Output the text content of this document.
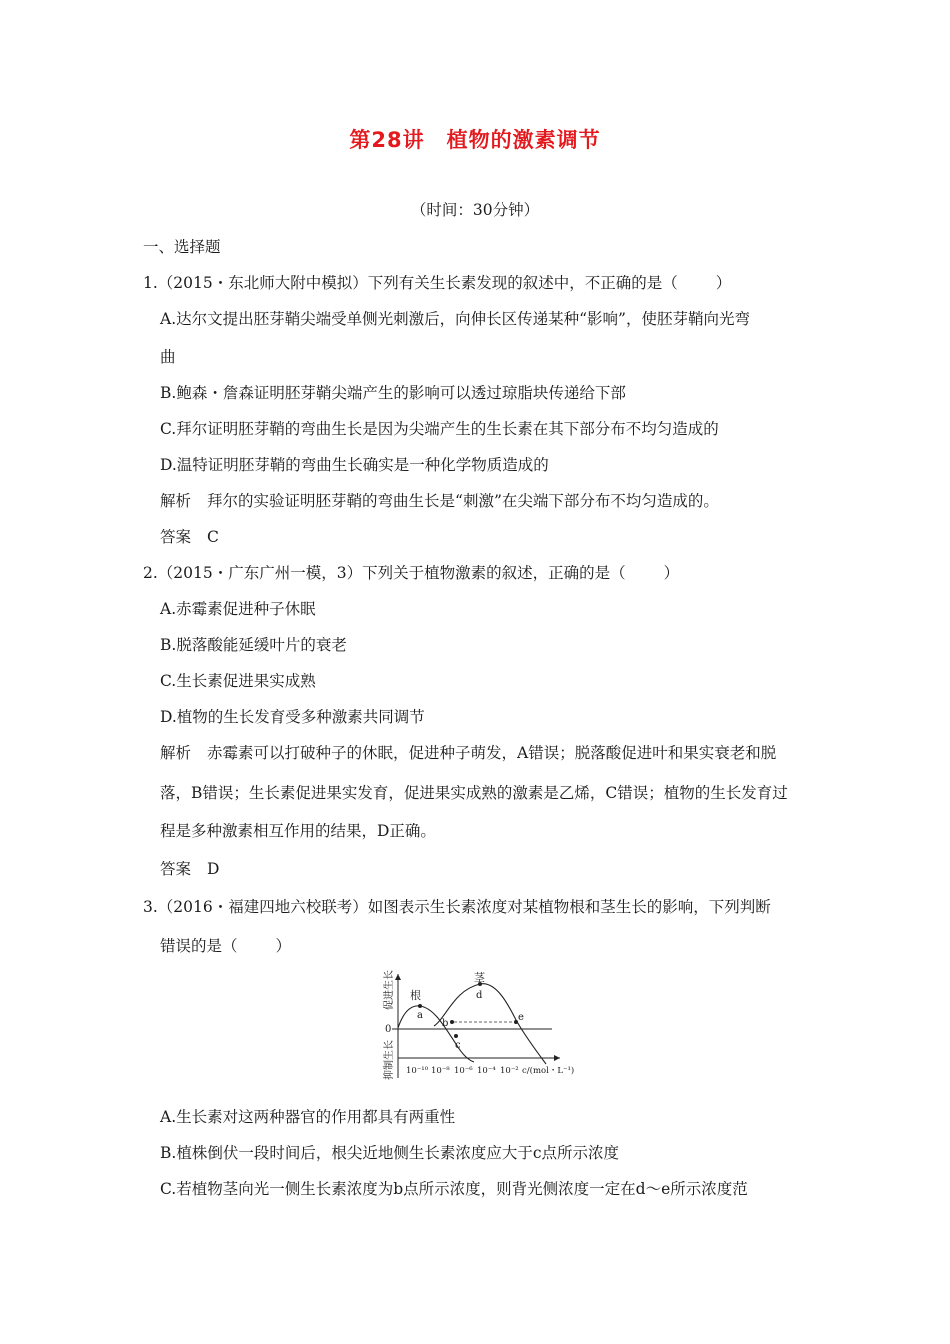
第28讲 植物的激素调节
（时间：30分钟）
一、选择题
1.（2015・东北师大附中模拟）下列有关生长素发现的叙述中，不正确的是（ ）
A.达尔文提出胚芽鞘尖端受单侧光刺激后，向伸长区传递某种“影响”，使胚芽鞘向光弯
曲
B.鲍森・詹森证明胚芽鞘尖端产生的影响可以透过琼脂块传递给下部
C.拜尔证明胚芽鞘的弯曲生长是因为尖端产生的生长素在其下部分布不均匀造成的
D.温特证明胚芽鞘的弯曲生长确实是一种化学物质造成的
解析 拜尔的实验证明胚芽鞘的弯曲生长是“刺激”在尖端下部分布不均匀造成的。
答案 C
2.（2015・广东广州一模，3）下列关于植物激素的叙述，正确的是（ ）
A.赤霉素促进种子休眠
B.脱落酸能延缓叶片的衰老
C.生长素促进果实成熟
D.植物的生长发育受多种激素共同调节
解析 赤霉素可以打破种子的休眠，促进种子萌发，A错误；脱落酸促进叶和果实衰老和脱
落，B错误；生长素促进果实发育，促进果实成熟的激素是乙烯，C错误；植物的生长发育过
程是多种激素相互作用的结果，D正确。
答案 D
3.（2016・福建四地六校联考）如图表示生长素浓度对某植物根和茎生长的影响，下列判断
错误的是（ ）
a
b
c
d
e
根
茎
0
促进生长
抑制生长 10⁻¹⁰ 10⁻⁸ 10⁻⁶ 10⁻⁴ 10⁻² c/(mol・L⁻¹)
A.生长素对这两种器官的作用都具有两重性
B.植株倒伏一段时间后，根尖近地侧生长素浓度应大于c点所示浓度
C.若植物茎向光一侧生长素浓度为b点所示浓度，则背光侧浓度一定在d～e所示浓度范
